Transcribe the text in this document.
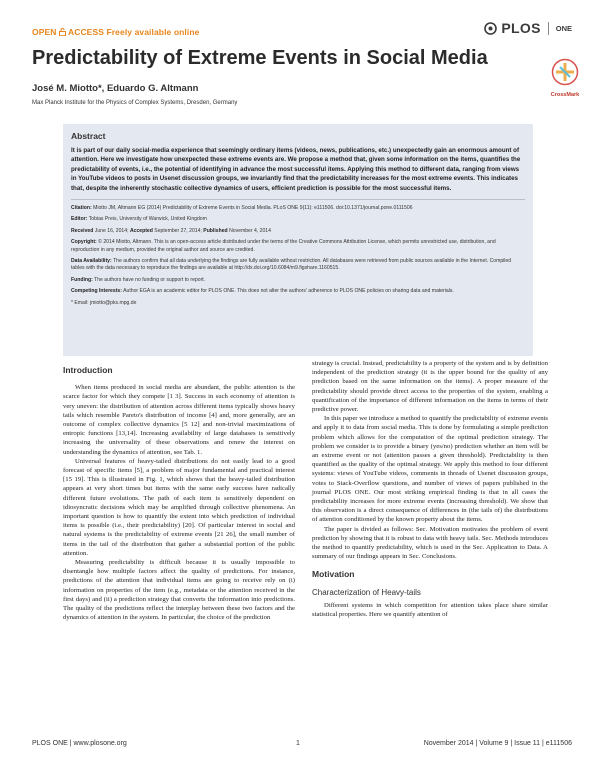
OPEN ACCESS Freely available online	PLOS ONE
Predictability of Extreme Events in Social Media
José M. Miotto*, Eduardo G. Altmann
Max Planck Institute for the Physics of Complex Systems, Dresden, Germany
CrossMark
Abstract
It is part of our daily social-media experience that seemingly ordinary items (videos, news, publications, etc.) unexpectedly gain an enormous amount of attention. Here we investigate how unexpected these extreme events are. We propose a method that, given some information on the items, quantifies the predictability of events, i.e., the potential of identifying in advance the most successful items. Applying this method to different data, ranging from views in YouTube videos to posts in Usenet discussion groups, we invariantly find that the predictability increases for the most extreme events. This indicates that, despite the inherently stochastic collective dynamics of users, efficient prediction is possible for the most successful items.

Citation: Miotto JM, Altmann EG (2014) Predictability of Extreme Events in Social Media. PLoS ONE 9(11): e111506. doi:10.1371/journal.pone.0111506

Editor: Tobias Preis, University of Warwick, United Kingdom

Received June 16, 2014; Accepted September 27, 2014; Published November 4, 2014

Copyright: © 2014 Miotto, Altmann. This is an open-access article distributed under the terms of the Creative Commons Attribution License, which permits unrestricted use, distribution, and reproduction in any medium, provided the original author and source are credited.

Data Availability: The authors confirm that all data underlying the findings are fully available without restriction. All databases were retrieved from public sources available in the Internet. Compiled tables with the data necessary to reproduce the findings are available at http://dx.doi.org/10.6084/m9.figshare.1160515.

Funding: The authors have no funding or support to report.

Competing Interests: Author EGA is an academic editor for PLOS ONE. This does not alter the authors' adherence to PLOS ONE policies on sharing data and materials.

* Email: jmiotto@pks.mpg.de

Introduction

When items produced in social media are abundant, the public attention is the scarce factor for which they compete [1 3]. Success in such economy of attention is very uneven: the distribution of attention across different items typically shows heavy tails which resemble Pareto's distribution of income [4] and, more generally, are an outcome of complex collective dynamics [5 12] and non-trivial maximizations of entropic functions [13,14]. Increasing availability of large databases is sensitively increasing the universality of these observations and renew the interest on understanding the dynamics of attention, see Tab. 1.

Universal features of heavy-tailed distributions do not easily lead to a good forecast of specific items [5], a problem of major fundamental and practical interest [15 19]. This is illustrated in Fig. 1, which shows that the heavy-tailed distribution appears at very short times but items with the same early success have radically different future evolutions. The path of each item is sensitively dependent on idiosyncratic decisions which may be amplified through collective phenomena. An important question is how to quantify the extent into which prediction of individual items is possible (i.e., their predictability) [20]. Of particular interest in social and natural systems is the predictability of extreme events [21 26], the small number of items in the tail of the distribution that gather a substantial portion of the public attention.

Measuring predictability is difficult because it is usually impossible to disentangle how multiple factors affect the quality of predictions. For instance, predictions of the attention that individual items are going to receive rely on (i) information on properties of the item (e.g., metadata or the attention received in the first days) and (ii) a prediction strategy that converts the information into predictions. The quality of the predictions reflect the interplay between these two factors and the dynamics of attention in the system. In particular, the choice of the prediction

strategy is crucial. Instead, predictability is a property of the system and is by definition independent of the prediction strategy (it is the upper bound for the quality of any prediction based on the same information on the items). A proper measure of the predictability should provide direct access to the properties of the system, enabling a quantification of the importance of different information on the items in terms of their predictive power.

In this paper we introduce a method to quantify the predictability of extreme events and apply it to data from social media. This is done by formulating a simple prediction problem which allows for the computation of the optimal prediction strategy. The problem we consider is to provide a binary (yes/no) prediction whether an item will be an extreme event or not (attention passes a given threshold). Predictability is then quantified as the quality of the optimal strategy. We apply this method to four different systems: views of YouTube videos, comments in threads of Usenet discussion groups, votes to Stack-Overflow questions, and number of views of papers published in the journal PLOS ONE. Our most striking empirical finding is that in all cases the predictability increases for more extreme events (increasing threshold). We show that this observation is a direct consequence of differences in (the tails of) the distributions of attention conditioned by the known property about the items.

The paper is divided as follows: Sec. Motivation motivates the problem of event prediction by showing that it is robust to data with heavy tails. Sec. Methods introduces the method to quantify predictability, which is used in the Sec. Application to Data. A summary of our findings appears in Sec. Conclusions.

Motivation
Characterization of Heavy-tails

Different systems in which competition for attention takes place share similar statistical properties. Here we quantify attention of

PLOS ONE | www.plosone.org	1	November 2014 | Volume 9 | Issue 11 | e111506
